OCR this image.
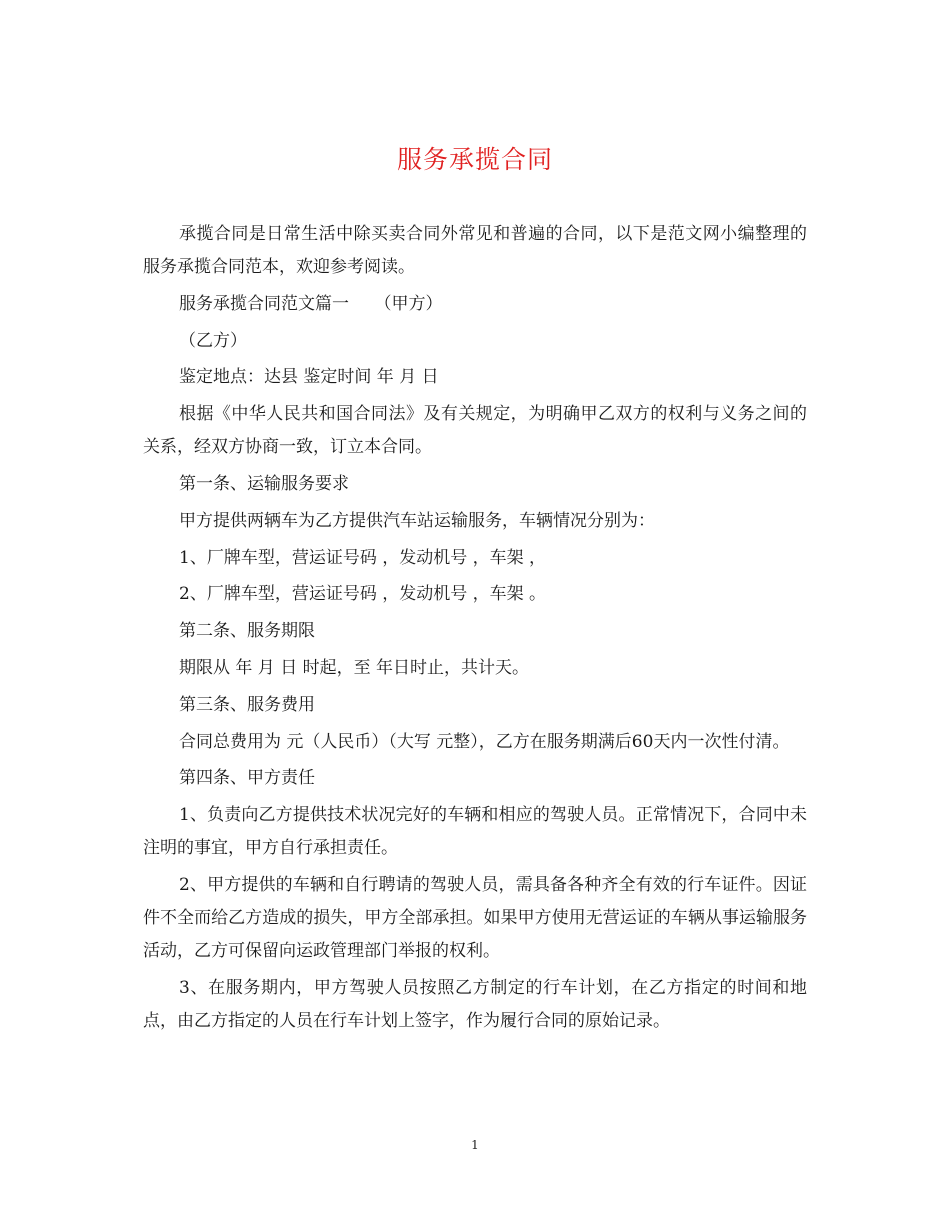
服务承揽合同

承揽合同是日常生活中除买卖合同外常见和普遍的合同，以下是范文网小编整理的服务承揽合同范本，欢迎参考阅读。

服务承揽合同范文篇一　　（甲方）

（乙方）

鉴定地点：达县 鉴定时间 年 月 日

根据《中华人民共和国合同法》及有关规定，为明确甲乙双方的权利与义务之间的关系，经双方协商一致，订立本合同。

第一条、运输服务要求

甲方提供两辆车为乙方提供汽车站运输服务，车辆情况分别为：

1、厂牌车型，营运证号码 ，发动机号 ，车架 ，

2、厂牌车型，营运证号码 ，发动机号 ，车架 。

第二条、服务期限

期限从 年 月 日 时起，至 年日时止，共计天。

第三条、服务费用

合同总费用为 元（人民币）（大写 元整），乙方在服务期满后60天内一次性付清。

第四条、甲方责任

1、负责向乙方提供技术状况完好的车辆和相应的驾驶人员。正常情况下，合同中未注明的事宜，甲方自行承担责任。

2、甲方提供的车辆和自行聘请的驾驶人员，需具备各种齐全有效的行车证件。因证件不全而给乙方造成的损失，甲方全部承担。如果甲方使用无营运证的车辆从事运输服务活动，乙方可保留向运政管理部门举报的权利。

3、在服务期内，甲方驾驶人员按照乙方制定的行车计划，在乙方指定的时间和地点，由乙方指定的人员在行车计划上签字，作为履行合同的原始记录。

1
